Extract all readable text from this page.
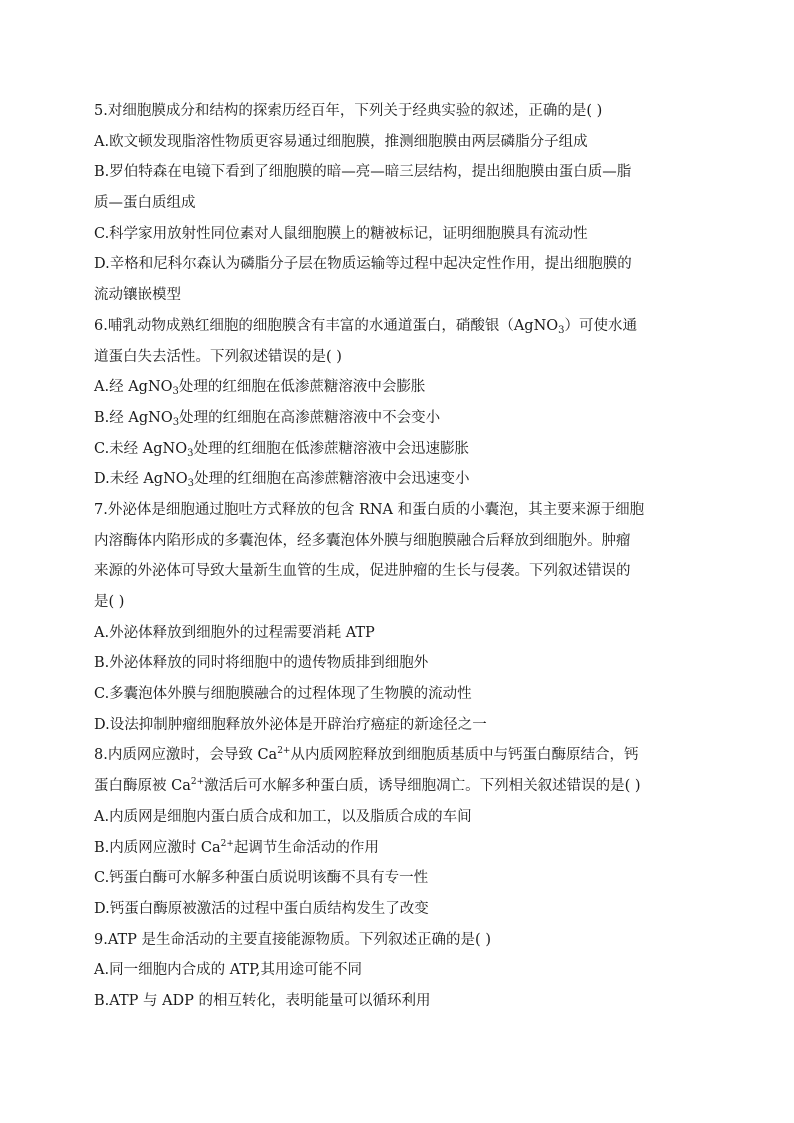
5.对细胞膜成分和结构的探索历经百年，下列关于经典实验的叙述，正确的是( )
A.欧文顿发现脂溶性物质更容易通过细胞膜，推测细胞膜由两层磷脂分子组成
B.罗伯特森在电镜下看到了细胞膜的暗—亮—暗三层结构，提出细胞膜由蛋白质—脂
质—蛋白质组成
C.科学家用放射性同位素对人鼠细胞膜上的糖被标记，证明细胞膜具有流动性
D.辛格和尼科尔森认为磷脂分子层在物质运输等过程中起决定性作用，提出细胞膜的
流动镶嵌模型
6.哺乳动物成熟红细胞的细胞膜含有丰富的水通道蛋白，硝酸银（AgNO$_3$）可使水通
道蛋白失去活性。下列叙述错误的是( )
A.经 AgNO$_3$处理的红细胞在低渗蔗糖溶液中会膨胀
B.经 AgNO$_3$处理的红细胞在高渗蔗糖溶液中不会变小
C.未经 AgNO$_3$处理的红细胞在低渗蔗糖溶液中会迅速膨胀
D.未经 AgNO$_3$处理的红细胞在高渗蔗糖溶液中会迅速变小
7.外泌体是细胞通过胞吐方式释放的包含 RNA 和蛋白质的小囊泡，其主要来源于细胞
内溶酶体内陷形成的多囊泡体，经多囊泡体外膜与细胞膜融合后释放到细胞外。肿瘤
来源的外泌体可导致大量新生血管的生成，促进肿瘤的生长与侵袭。下列叙述错误的
是( )
A.外泌体释放到细胞外的过程需要消耗 ATP
B.外泌体释放的同时将细胞中的遗传物质排到细胞外
C.多囊泡体外膜与细胞膜融合的过程体现了生物膜的流动性
D.设法抑制肿瘤细胞释放外泌体是开辟治疗癌症的新途径之一
8.内质网应激时，会导致 $Ca^{2+}$从内质网腔释放到细胞质基质中与钙蛋白酶原结合，钙
蛋白酶原被 $Ca^{2+}$激活后可水解多种蛋白质，诱导细胞凋亡。下列相关叙述错误的是( )
A.内质网是细胞内蛋白质合成和加工，以及脂质合成的车间
B.内质网应激时 $Ca^{2+}$起调节生命活动的作用
C.钙蛋白酶可水解多种蛋白质说明该酶不具有专一性
D.钙蛋白酶原被激活的过程中蛋白质结构发生了改变
9.ATP 是生命活动的主要直接能源物质。下列叙述正确的是( )
A.同一细胞内合成的 ATP,其用途可能不同
B.ATP 与 ADP 的相互转化，表明能量可以循环利用
